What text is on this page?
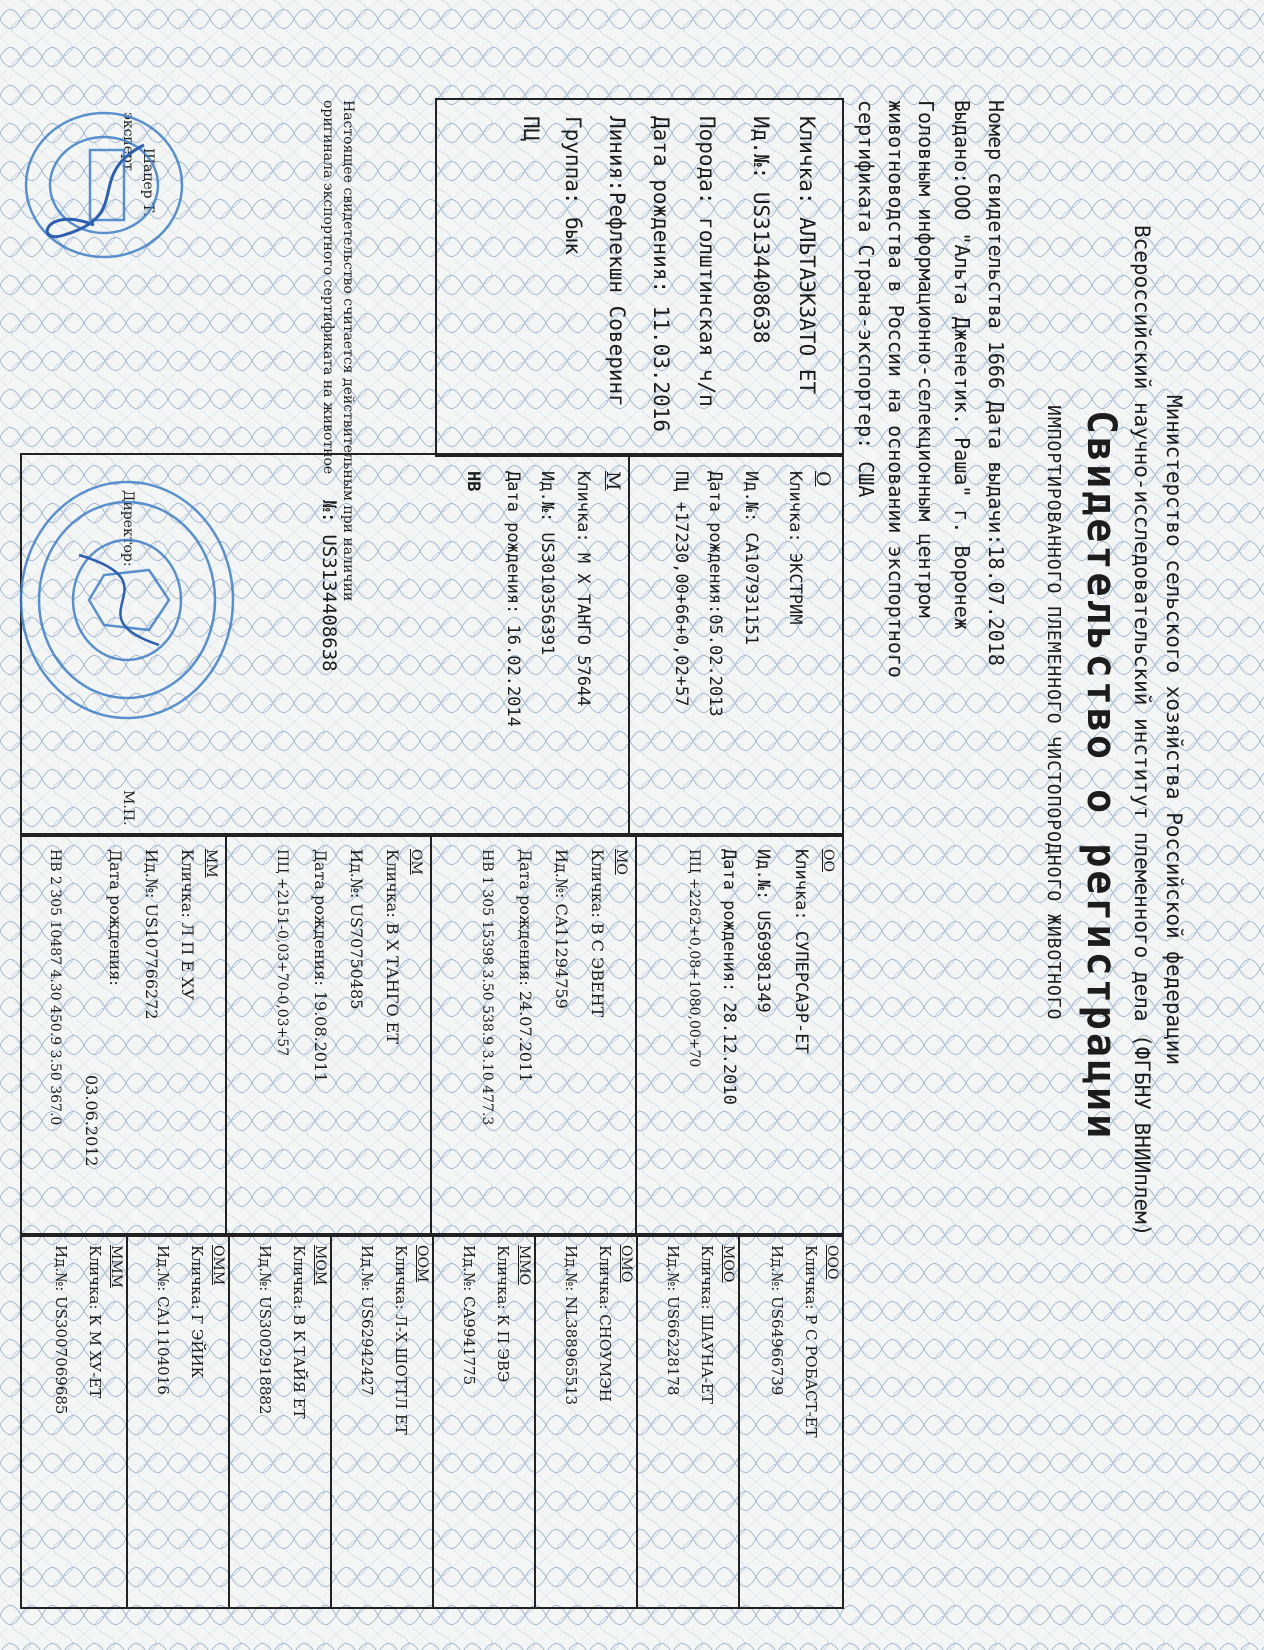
Министерство сельского хозяйства Российской федерации
Всероссийский научно-исследовательский институт племенного дела (ФГБНУ ВНИИплем)
Свидетельство о регистрации
ИМПОРТИРОВАННОГО ПЛЕМЕННОГО ЧИСТОПОРОДНОГО ЖИВОТНОГО
Номер свидетельства 1666 Дата выдачи:18.07.2018
Выдано:ООО "Альта Дженетик. Раша" г. Воронеж
Головным информационно-селекционным центром
животноводства в России на основании экспортного
сертификата Страна-экспортер: США
Кличка: АЛЬТАЭКЗАТО ЕТ
Ид.№: US3134408638
Порода: голштинская ч/п
Дата рождения: 11.03.2016
Линия:Рефлекшн Соверинг
Группа: бык
ПЦ
О
Кличка: ЭКСТРИМ
Ид.№: CA107931151
Дата рождения:05.02.2013
ПЦ +17230,00+66+0,02+57
М
Кличка: М Х ТАНГО 57644
Ид.№: US3010356391
Дата рождения: 16.02.2014
НВ
ОО
Кличка: СУПЕРСАЭР-ЕТ
Ид.№: US69981349
Дата рождения: 28.12.2010
ПЦ +2262+0,08+1080,00+70
МО
Кличка: В С ЭВЕНТ
Ид.№: CA11294759
Дата рождения: 24.07.2011
НВ 1 305 15398 3.50 538.9 3.10 477.3
ОМ
Кличка: В Х ТАНГО ЕТ
Ид.№: US70750485
Дата рождения: 19.08.2011
ПЦ +2151-0,03+70-0,03+57
ММ
Кличка: Л П Е ХУ
Ид.№: US107766272
Дата рождения:
03.06.2012
НВ 2 305 10487 4.30 450.9 3.50 367.0
ООО
Кличка: Р С РОБАСТ-ЕТ
Ид.№: US64966739
МОО
Кличка: ШАУНА-ЕТ
Ид.№: US66228178
ОМО
Кличка: СНОУМЭН
Ид.№: NL388965513
ММО
Кличка: К П ЭВЭ
Ид.№: CA9941775
ООМ
Кличка: Л-Х ШОТТЛ ЕТ
Ид.№: US62942427
МОМ
Кличка: В К ТАЙЯ ЕТ
Ид.№: US3002918882
ОММ
Кличка: Г ЭЙИК
Ид.№: CA11104016
МММ
Кличка: К М ХУ-ЕТ
Ид.№: US3007069685
Настоящее свидетельство считается действительным при наличии
оригинала экспортного сертификата на животное
№: US3134408638
Директор:
М.П.
эксперт
Шацер Т.
